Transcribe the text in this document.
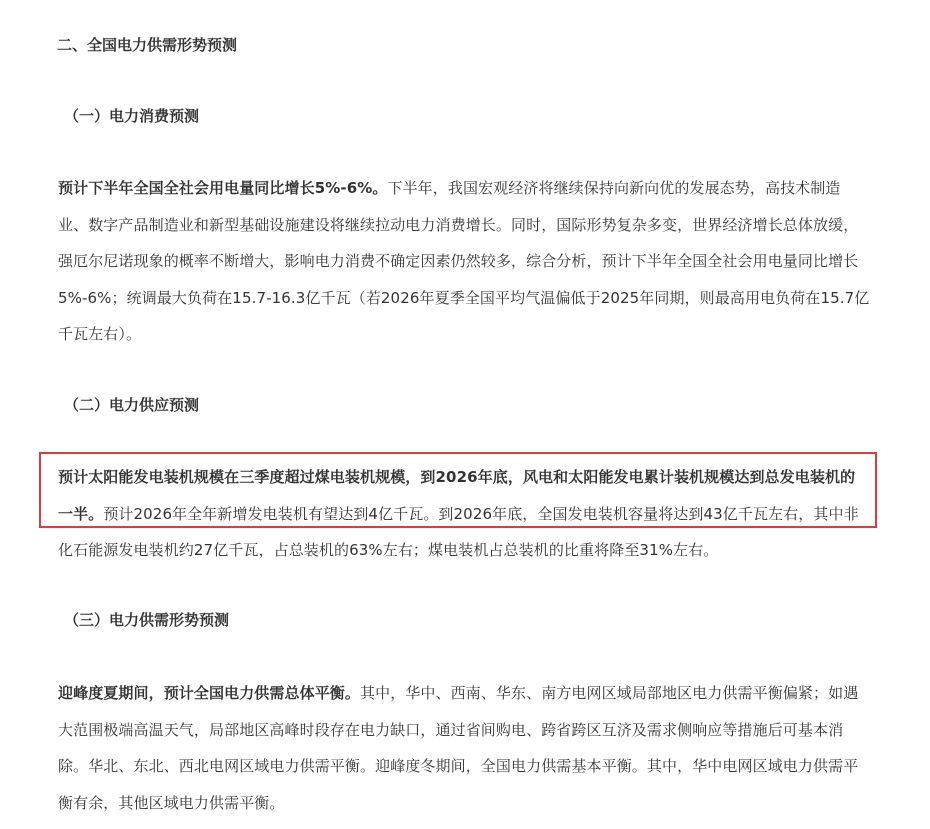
二、全国电力供需形势预测
（一）电力消费预测

预计下半年全国全社会用电量同比增长5%-6%。下半年，我国宏观经济将继续保持向新向优的发展态势，高技术制造业、数字产品制造业和新型基础设施建设将继续拉动电力消费增长。同时，国际形势复杂多变，世界经济增长总体放缓，强厄尔尼诺现象的概率不断增大，影响电力消费不确定因素仍然较多，综合分析，预计下半年全国全社会用电量同比增长5%-6%；统调最大负荷在15.7-16.3亿千瓦（若2026年夏季全国平均气温偏低于2025年同期，则最高用电负荷在15.7亿千瓦左右）。

（二）电力供应预测

预计太阳能发电装机规模在三季度超过煤电装机规模，到2026年底，风电和太阳能发电累计装机规模达到总发电装机的一半。预计2026年全年新增发电装机有望达到4亿千瓦。到2026年底，全国发电装机容量将达到43亿千瓦左右，其中非化石能源发电装机约27亿千瓦，占总装机的63%左右；煤电装机占总装机的比重将降至31%左右。

（三）电力供需形势预测

迎峰度夏期间，预计全国电力供需总体平衡。其中，华中、西南、华东、南方电网区域局部地区电力供需平衡偏紧；如遇大范围极端高温天气，局部地区高峰时段存在电力缺口，通过省间购电、跨省跨区互济及需求侧响应等措施后可基本消除。华北、东北、西北电网区域电力供需平衡。迎峰度冬期间，全国电力供需基本平衡。其中，华中电网区域电力供需平衡有余，其他区域电力供需平衡。
